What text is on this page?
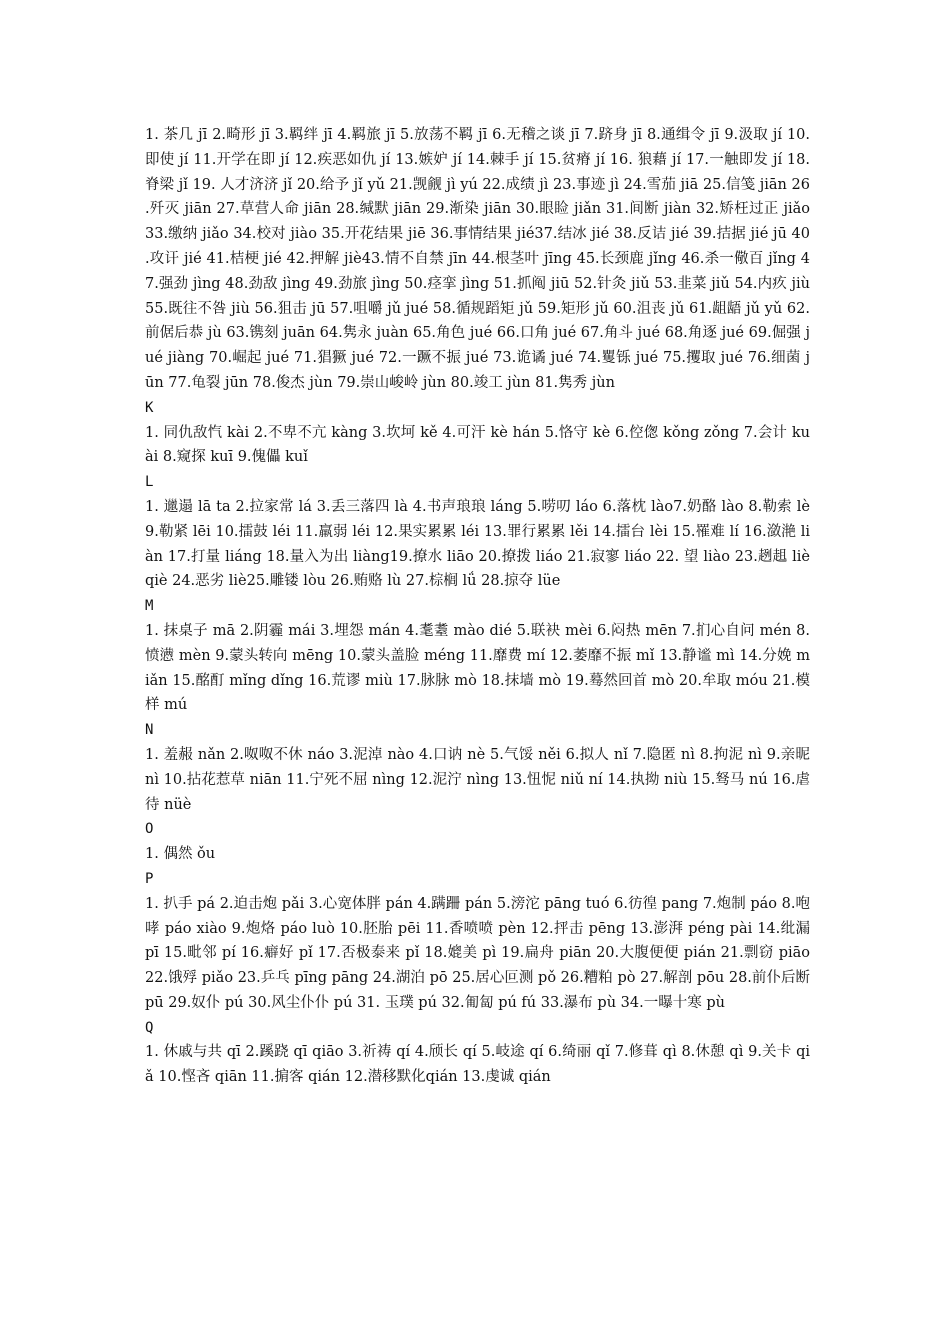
1. 茶几 jī 2.畸形 jī 3.羁绊 jī 4.羁旅 jī 5.放荡不羁 jī 6.无稽之谈 jī 7.跻身 jī 8.通缉令 jī 9.汲取 jí 10.即使 jí 11.开学在即 jí 12.疾恶如仇 jí 13.嫉妒 jí 14.棘手 jí 15.贫瘠 jí 16. 狼藉 jí 17.一触即发 jí 18.脊梁 jǐ 19. 人才济济 jǐ 20.给予 jǐ yǔ 21.觊觎 jì yú 22.成绩 jì 23.事迹 jì 24.雪茄 jiā 25.信笺 jiān 26.歼灭 jiān 27.草营人命 jiān 28.缄默 jiān 29.渐染 jiān 30.眼睑 jiǎn 31.间断 jiàn 32.矫枉过正 jiǎo 33.缴纳 jiǎo 34.校对 jiào 35.开花结果 jiē 36.事情结果 jié37.结冰 jié 38.反诘 jié 39.拮据 jié jū 40.攻讦 jié 41.桔梗 jié 42.押解 jiè43.情不自禁 jīn 44.根茎叶 jīng 45.长颈鹿 jǐng 46.杀一儆百 jǐng 47.强劲 jìng 48.劲敌 jìng 49.劲旅 jìng 50.痉挛 jìng 51.抓阄 jiū 52.针灸 jiǔ 53.韭菜 jiǔ 54.内疚 jiù 55.既往不咎 jiù 56.狙击 jū 57.咀嚼 jǔ jué 58.循规蹈矩 jǔ 59.矩形 jǔ 60.沮丧 jǔ 61.龃龉 jǔ yǔ 62.前倨后恭 jù 63.镌刻 juān 64.隽永 juàn 65.角色 jué 66.口角 jué 67.角斗 jué 68.角逐 jué 69.倔强 jué jiàng 70.崛起 jué 71.猖獗 jué 72.一蹶不振 jué 73.诡谲 jué 74.矍铄 jué 75.攫取 jué 76.细菌 jūn 77.龟裂 jūn 78.俊杰 jùn 79.崇山峻岭 jùn 80.竣工 jùn 81.隽秀 jùn

K

1. 同仇敌忾 kài 2.不卑不亢 kàng 3.坎坷 kě 4.可汗 kè hán 5.恪守 kè 6.倥偬 kǒng zǒng 7.会计 kuài 8.窥探 kuī 9.傀儡 kuǐ

L

1. 邋遢 lā ta 2.拉家常 lá 3.丢三落四 là 4.书声琅琅 láng 5.唠叨 láo 6.落枕 lào7.奶酪 lào 8.勒索 lè 9.勒紧 lēi 10.擂鼓 léi 11.羸弱 léi 12.果实累累 léi 13.罪行累累 lěi 14.擂台 lèi 15.罹难 lí 16.潋滟 liàn 17.打量 liáng 18.量入为出 liàng19.撩水 liāo 20.撩拨 liáo 21.寂寥 liáo 22. 望 liào 23.趔趄 liè qiè 24.恶劣 liè25.雕镂 lòu 26.贿赂 lù 27.棕榈 lǘ 28.掠夺 lüe

M

1. 抹桌子 mā 2.阴霾 mái 3.埋怨 mán 4.耄耋 mào dié 5.联袂 mèi 6.闷热 mēn 7.扪心自问 mén 8.愤懑 mèn 9.蒙头转向 mēng 10.蒙头盖脸 méng 11.靡费 mí 12.萎靡不振 mǐ 13.静谧 mì 14.分娩 miǎn 15.酩酊 mǐng dǐng 16.荒谬 miù 17.脉脉 mò 18.抹墙 mò 19.蓦然回首 mò 20.牟取 móu 21.模样 mú

N

1. 羞赧 nǎn 2.呶呶不休 náo 3.泥淖 nào 4.口讷 nè 5.气馁 něi 6.拟人 nǐ 7.隐匿 nì 8.拘泥 nì 9.亲昵 nì 10.拈花惹草 niān 11.宁死不屈 nìng 12.泥泞 nìng 13.忸怩 niǔ ní 14.执拗 niù 15.驽马 nú 16.虐待 nüè

O

1. 偶然 ǒu

P

1. 扒手 pá 2.迫击炮 pǎi 3.心宽体胖 pán 4.蹒跚 pán 5.滂沱 pāng tuó 6.彷徨 pang 7.炮制 páo 8.咆哮 páo xiào 9.炮烙 páo luò 10.胚胎 pēi 11.香喷喷 pèn 12.抨击 pēng 13.澎湃 péng pài 14.纰漏 pī 15.毗邻 pí 16.癖好 pǐ 17.否极泰来 pǐ 18.媲美 pì 19.扁舟 piān 20.大腹便便 pián 21.剽窃 piāo 22.饿殍 piǎo 23.乒乓 pīng pāng 24.湖泊 pō 25.居心叵测 pǒ 26.糟粕 pò 27.解剖 pōu 28.前仆后断 pū 29.奴仆 pú 30.风尘仆仆 pú 31. 玉璞 pú 32.匍匐 pú fú 33.瀑布 pù 34.一曝十寒 pù

Q

1. 休戚与共 qī 2.蹊跷 qī qiāo 3.祈祷 qí 4.颀长 qí 5.岐途 qí 6.绮丽 qǐ 7.修葺 qì 8.休憩 qì 9.关卡 qiǎ 10.悭吝 qiān 11.掮客 qián 12.潜移默化qián 13.虔诚 qián
